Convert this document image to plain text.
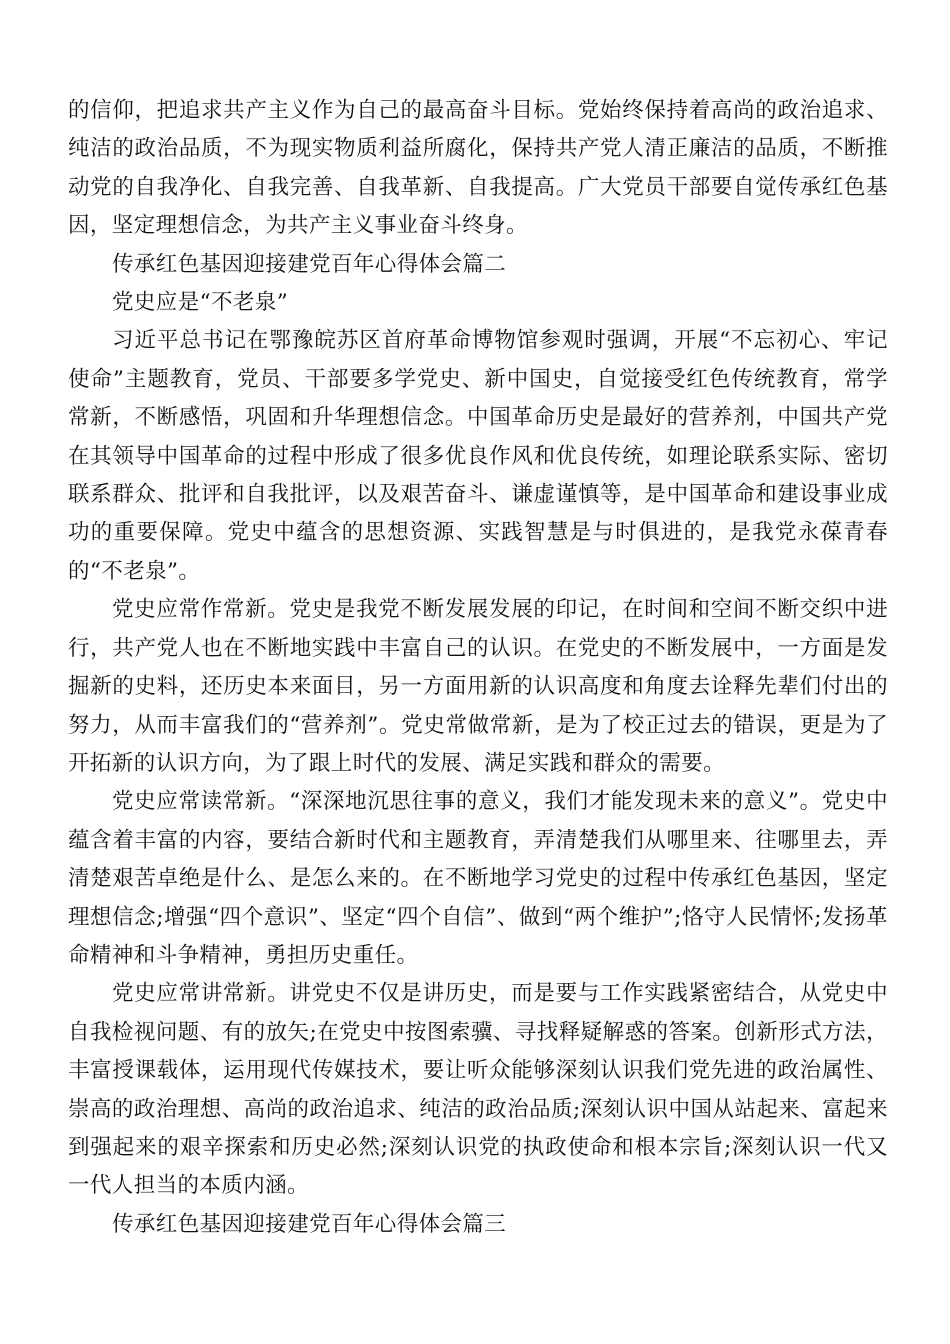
的信仰，把追求共产主义作为自己的最高奋斗目标。党始终保持着高尚的政治追求、纯洁的政治品质，不为现实物质利益所腐化，保持共产党人清正廉洁的品质，不断推动党的自我净化、自我完善、自我革新、自我提高。广大党员干部要自觉传承红色基因，坚定理想信念，为共产主义事业奋斗终身。

传承红色基因迎接建党百年心得体会篇二

党史应是“不老泉”

习近平总书记在鄂豫皖苏区首府革命博物馆参观时强调，开展“不忘初心、牢记使命”主题教育，党员、干部要多学党史、新中国史，自觉接受红色传统教育，常学常新，不断感悟，巩固和升华理想信念。中国革命历史是最好的营养剂，中国共产党在其领导中国革命的过程中形成了很多优良作风和优良传统，如理论联系实际、密切联系群众、批评和自我批评，以及艰苦奋斗、谦虚谨慎等，是中国革命和建设事业成功的重要保障。党史中蕴含的思想资源、实践智慧是与时俱进的，是我党永葆青春的“不老泉”。

党史应常作常新。党史是我党不断发展发展的印记，在时间和空间不断交织中进行，共产党人也在不断地实践中丰富自己的认识。在党史的不断发展中，一方面是发掘新的史料，还历史本来面目，另一方面用新的认识高度和角度去诠释先辈们付出的努力，从而丰富我们的“营养剂”。党史常做常新，是为了校正过去的错误，更是为了开拓新的认识方向，为了跟上时代的发展、满足实践和群众的需要。

党史应常读常新。“深深地沉思往事的意义，我们才能发现未来的意义”。党史中蕴含着丰富的内容，要结合新时代和主题教育，弄清楚我们从哪里来、往哪里去，弄清楚艰苦卓绝是什么、是怎么来的。在不断地学习党史的过程中传承红色基因，坚定理想信念;增强“四个意识”、坚定“四个自信”、做到“两个维护”;恪守人民情怀;发扬革命精神和斗争精神，勇担历史重任。

党史应常讲常新。讲党史不仅是讲历史，而是要与工作实践紧密结合，从党史中自我检视问题、有的放矢;在党史中按图索骥、寻找释疑解惑的答案。创新形式方法，丰富授课载体，运用现代传媒技术，要让听众能够深刻认识我们党先进的政治属性、崇高的政治理想、高尚的政治追求、纯洁的政治品质;深刻认识中国从站起来、富起来到强起来的艰辛探索和历史必然;深刻认识党的执政使命和根本宗旨;深刻认识一代又一代人担当的本质内涵。

传承红色基因迎接建党百年心得体会篇三
